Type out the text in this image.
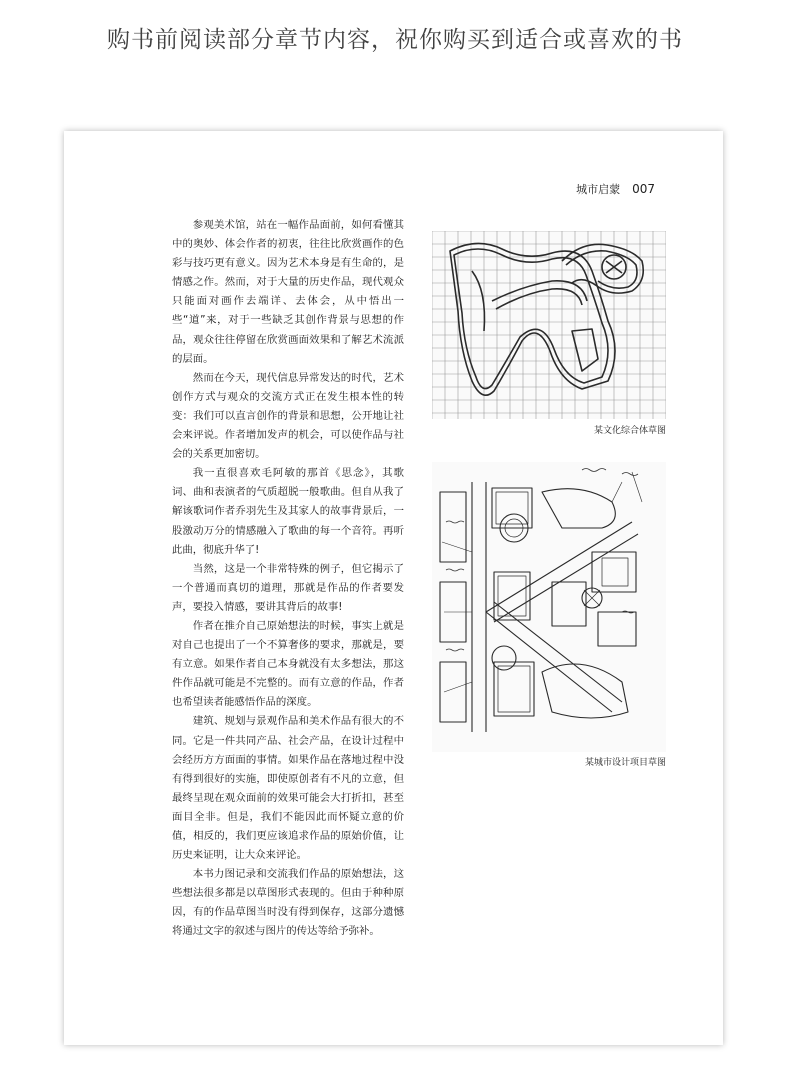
购书前阅读部分章节内容，祝你购买到适合或喜欢的书
城市启蒙 007

参观美术馆，站在一幅作品面前，如何看懂其中的奥妙、体会作者的初衷，往往比欣赏画作的色彩与技巧更有意义。因为艺术本身是有生命的，是情感之作。然而，对于大量的历史作品，现代观众只能面对画作去端详、去体会，从中悟出一些“道”来，对于一些缺乏其创作背景与思想的作品，观众往往停留在欣赏画面效果和了解艺术流派的层面。

然而在今天，现代信息异常发达的时代，艺术创作方式与观众的交流方式正在发生根本性的转变：我们可以直言创作的背景和思想，公开地让社会来评说。作者增加发声的机会，可以使作品与社会的关系更加密切。

我一直很喜欢毛阿敏的那首《思念》，其歌词、曲和表演者的气质超脱一般歌曲。但自从我了解该歌词作者乔羽先生及其家人的故事背景后，一股激动万分的情感融入了歌曲的每一个音符。再听此曲，彻底升华了!

当然，这是一个非常特殊的例子，但它揭示了一个普通而真切的道理，那就是作品的作者要发声，要投入情感，要讲其背后的故事!

作者在推介自己原始想法的时候，事实上就是对自己也提出了一个不算奢侈的要求，那就是，要有立意。如果作者自己本身就没有太多想法，那这件作品就可能是不完整的。而有立意的作品，作者也希望读者能感悟作品的深度。

建筑、规划与景观作品和美术作品有很大的不同。它是一件共同产品、社会产品，在设计过程中会经历方方面面的事情。如果作品在落地过程中没有得到很好的实施，即使原创者有不凡的立意，但最终呈现在观众面前的效果可能会大打折扣，甚至面目全非。但是，我们不能因此而怀疑立意的价值，相反的，我们更应该追求作品的原始价值，让历史来证明，让大众来评论。

本书力图记录和交流我们作品的原始想法，这些想法很多都是以草图形式表现的。但由于种种原因，有的作品草图当时没有得到保存，这部分遗憾将通过文字的叙述与图片的传达等给予弥补。

某文化综合体草图
某城市设计项目草图
